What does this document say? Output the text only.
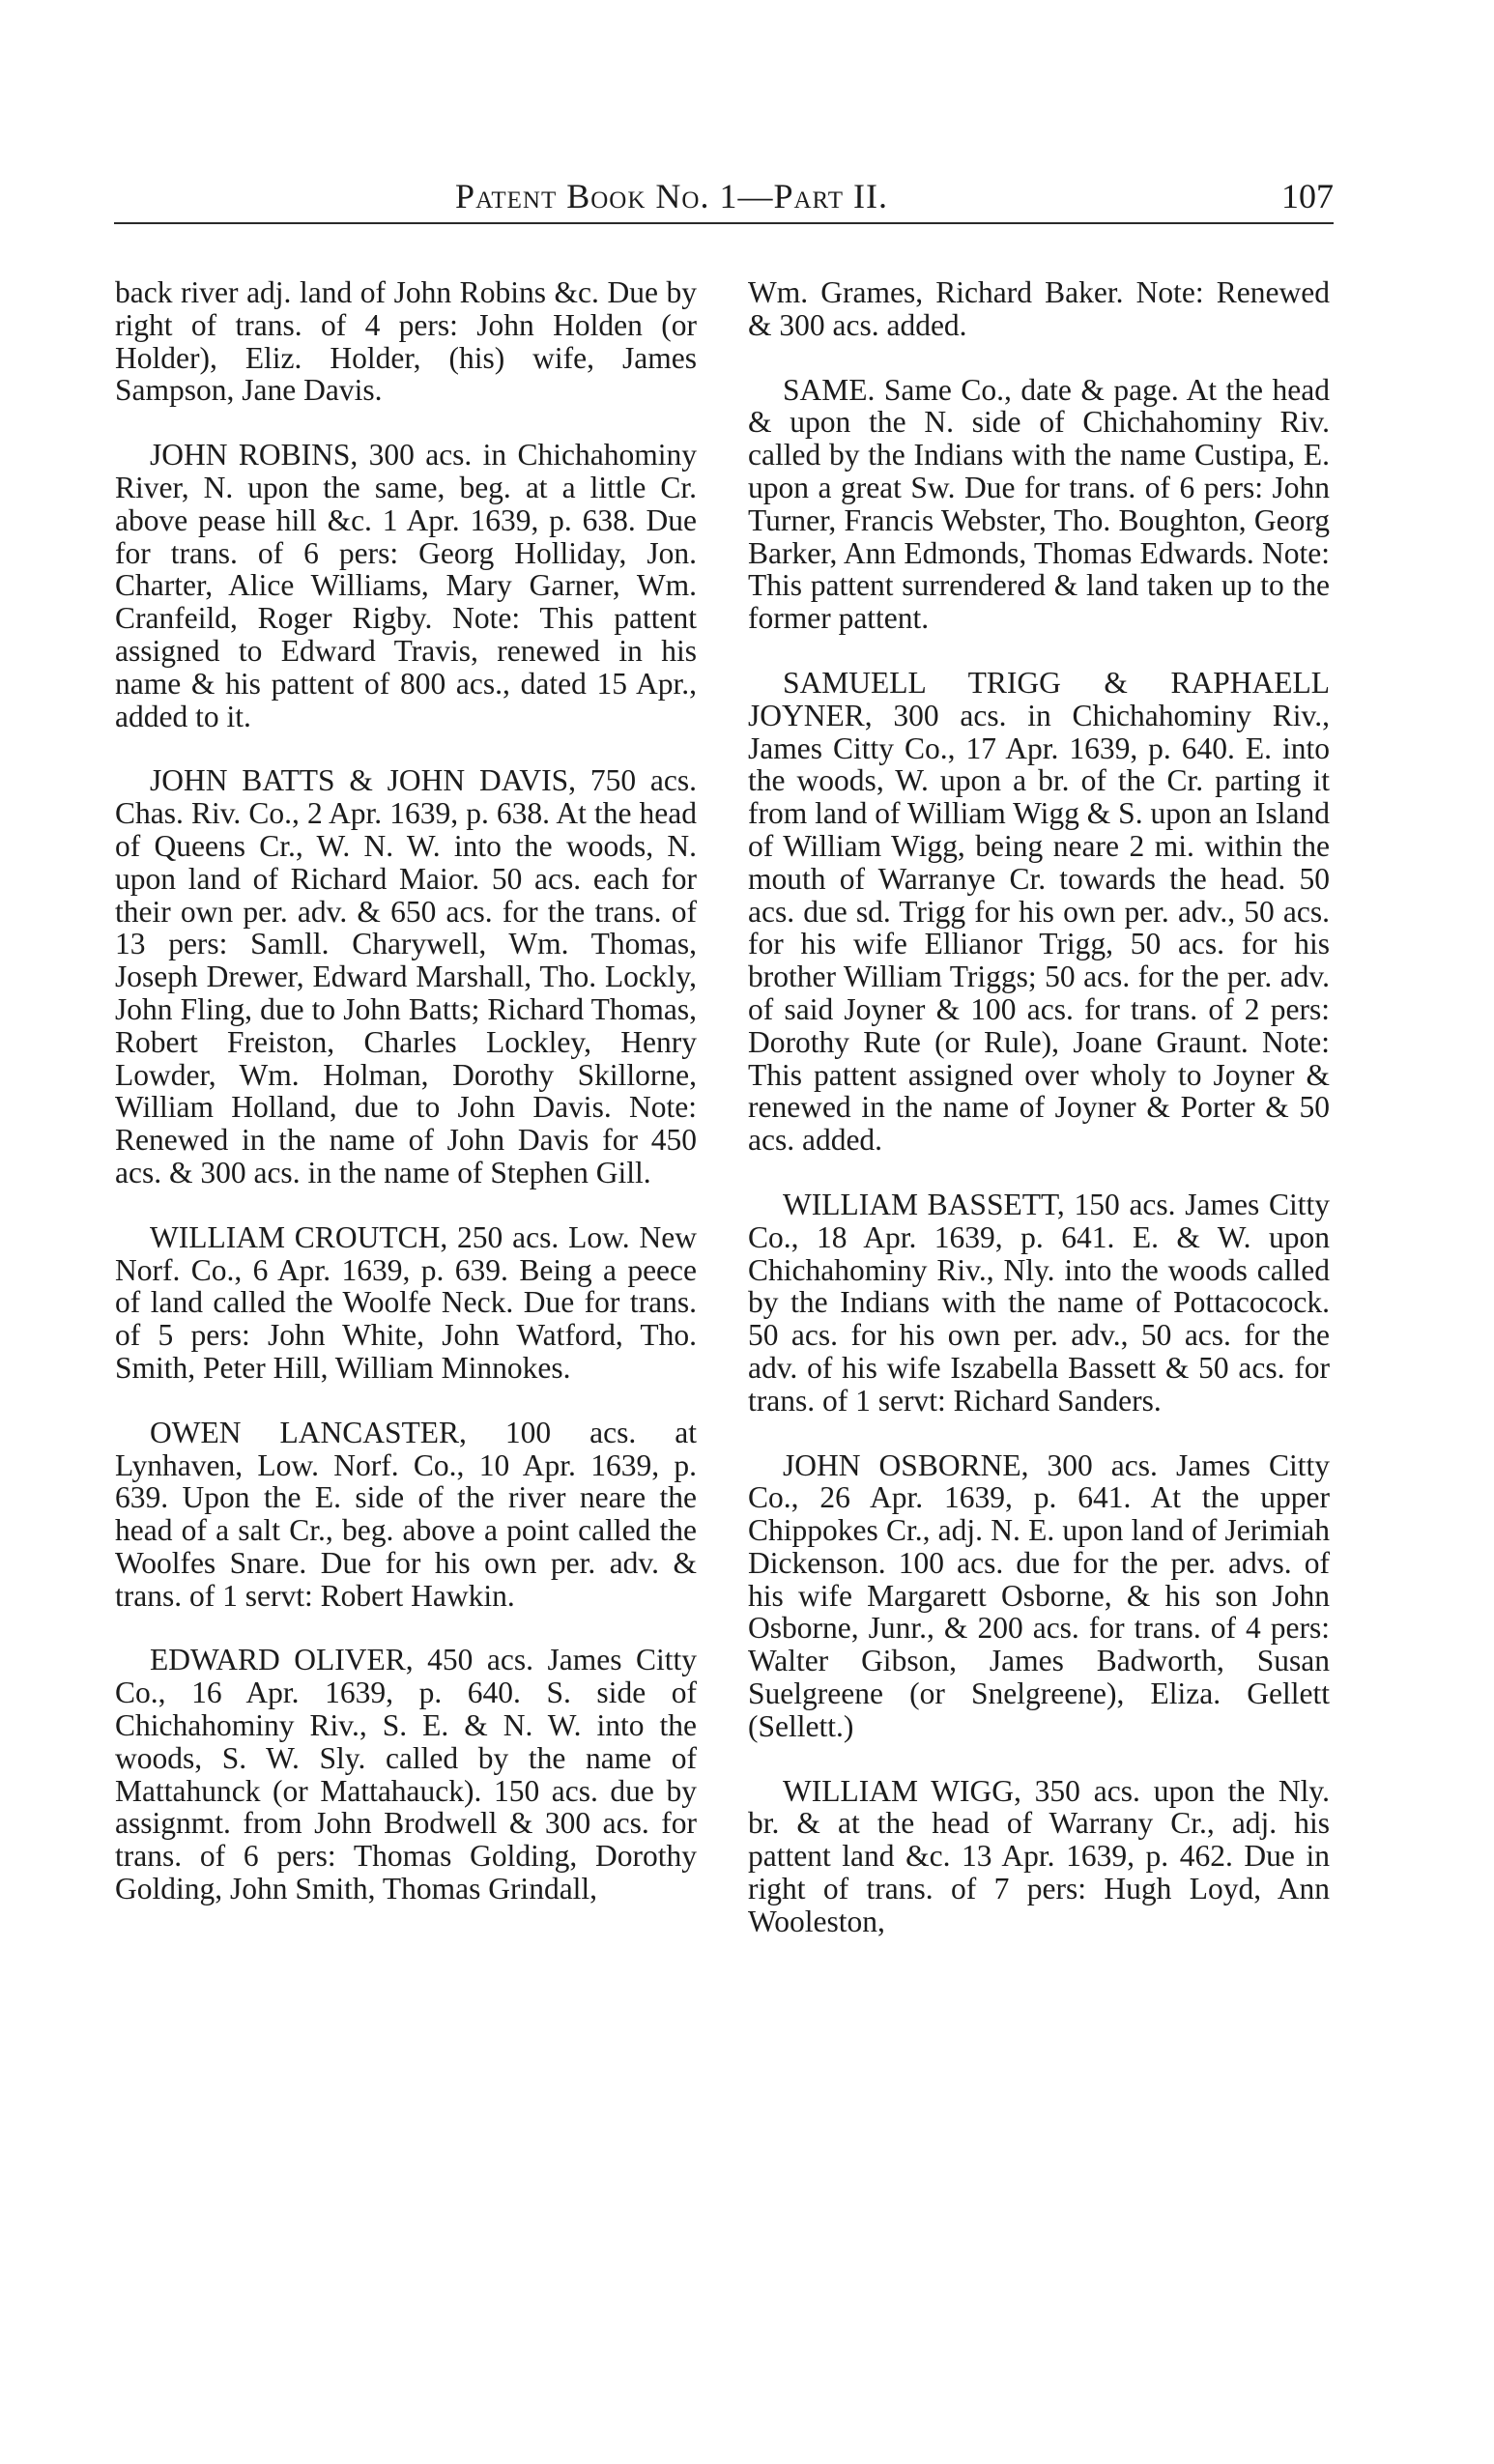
Patent Book No. 1—Part II.	107

back river adj. land of John Robins &c. Due by right of trans. of 4 pers: John Holden (or Holder), Eliz. Holder, (his) wife, James Sampson, Jane Davis.

JOHN ROBINS, 300 acs. in Chichahominy River, N. upon the same, beg. at a little Cr. above pease hill &c. 1 Apr. 1639, p. 638. Due for trans. of 6 pers: Georg Holliday, Jon. Charter, Alice Williams, Mary Garner, Wm. Cranfeild, Roger Rigby. Note: This pattent assigned to Edward Travis, renewed in his name & his pattent of 800 acs., dated 15 Apr., added to it.

JOHN BATTS & JOHN DAVIS, 750 acs. Chas. Riv. Co., 2 Apr. 1639, p. 638. At the head of Queens Cr., W. N. W. into the woods, N. upon land of Richard Maior. 50 acs. each for their own per. adv. & 650 acs. for the trans. of 13 pers: Samll. Charywell, Wm. Thomas, Joseph Drewer, Edward Marshall, Tho. Lockly, John Fling, due to John Batts; Richard Thomas, Robert Freiston, Charles Lockley, Henry Lowder, Wm. Holman, Dorothy Skillorne, William Holland, due to John Davis. Note: Renewed in the name of John Davis for 450 acs. & 300 acs. in the name of Stephen Gill.

WILLIAM CROUTCH, 250 acs. Low. New Norf. Co., 6 Apr. 1639, p. 639. Being a peece of land called the Woolfe Neck. Due for trans. of 5 pers: John White, John Watford, Tho. Smith, Peter Hill, William Minnokes.

OWEN LANCASTER, 100 acs. at Lynhaven, Low. Norf. Co., 10 Apr. 1639, p. 639. Upon the E. side of the river neare the head of a salt Cr., beg. above a point called the Woolfes Snare. Due for his own per. adv. & trans. of 1 servt: Robert Hawkin.

EDWARD OLIVER, 450 acs. James Citty Co., 16 Apr. 1639, p. 640. S. side of Chichahominy Riv., S. E. & N. W. into the woods, S. W. Sly. called by the name of Mattahunck (or Mattahauck). 150 acs. due by assignmt. from John Brodwell & 300 acs. for trans. of 6 pers: Thomas Golding, Dorothy Golding, John Smith, Thomas Grindall,

Wm. Grames, Richard Baker. Note: Renewed & 300 acs. added.

SAME. Same Co., date & page. At the head & upon the N. side of Chichahominy Riv. called by the Indians with the name Custipa, E. upon a great Sw. Due for trans. of 6 pers: John Turner, Francis Webster, Tho. Boughton, Georg Barker, Ann Edmonds, Thomas Edwards. Note: This pattent surrendered & land taken up to the former pattent.

SAMUELL TRIGG & RAPHAELL JOYNER, 300 acs. in Chichahominy Riv., James Citty Co., 17 Apr. 1639, p. 640. E. into the woods, W. upon a br. of the Cr. parting it from land of William Wigg & S. upon an Island of William Wigg, being neare 2 mi. within the mouth of Warranye Cr. towards the head. 50 acs. due sd. Trigg for his own per. adv., 50 acs. for his wife Ellianor Trigg, 50 acs. for his brother William Triggs; 50 acs. for the per. adv. of said Joyner & 100 acs. for trans. of 2 pers: Dorothy Rute (or Rule), Joane Graunt. Note: This pattent assigned over wholy to Joyner & renewed in the name of Joyner & Porter & 50 acs. added.

WILLIAM BASSETT, 150 acs. James Citty Co., 18 Apr. 1639, p. 641. E. & W. upon Chichahominy Riv., Nly. into the woods called by the Indians with the name of Pottacocock. 50 acs. for his own per. adv., 50 acs. for the adv. of his wife Iszabella Bassett & 50 acs. for trans. of 1 servt: Richard Sanders.

JOHN OSBORNE, 300 acs. James Citty Co., 26 Apr. 1639, p. 641. At the upper Chippokes Cr., adj. N. E. upon land of Jerimiah Dickenson. 100 acs. due for the per. advs. of his wife Margarett Osborne, & his son John Osborne, Junr., & 200 acs. for trans. of 4 pers: Walter Gibson, James Badworth, Susan Suelgreene (or Snelgreene), Eliza. Gellett (Sellett.)

WILLIAM WIGG, 350 acs. upon the Nly. br. & at the head of Warrany Cr., adj. his pattent land &c. 13 Apr. 1639, p. 462. Due in right of trans. of 7 pers: Hugh Loyd, Ann Wooleston,
